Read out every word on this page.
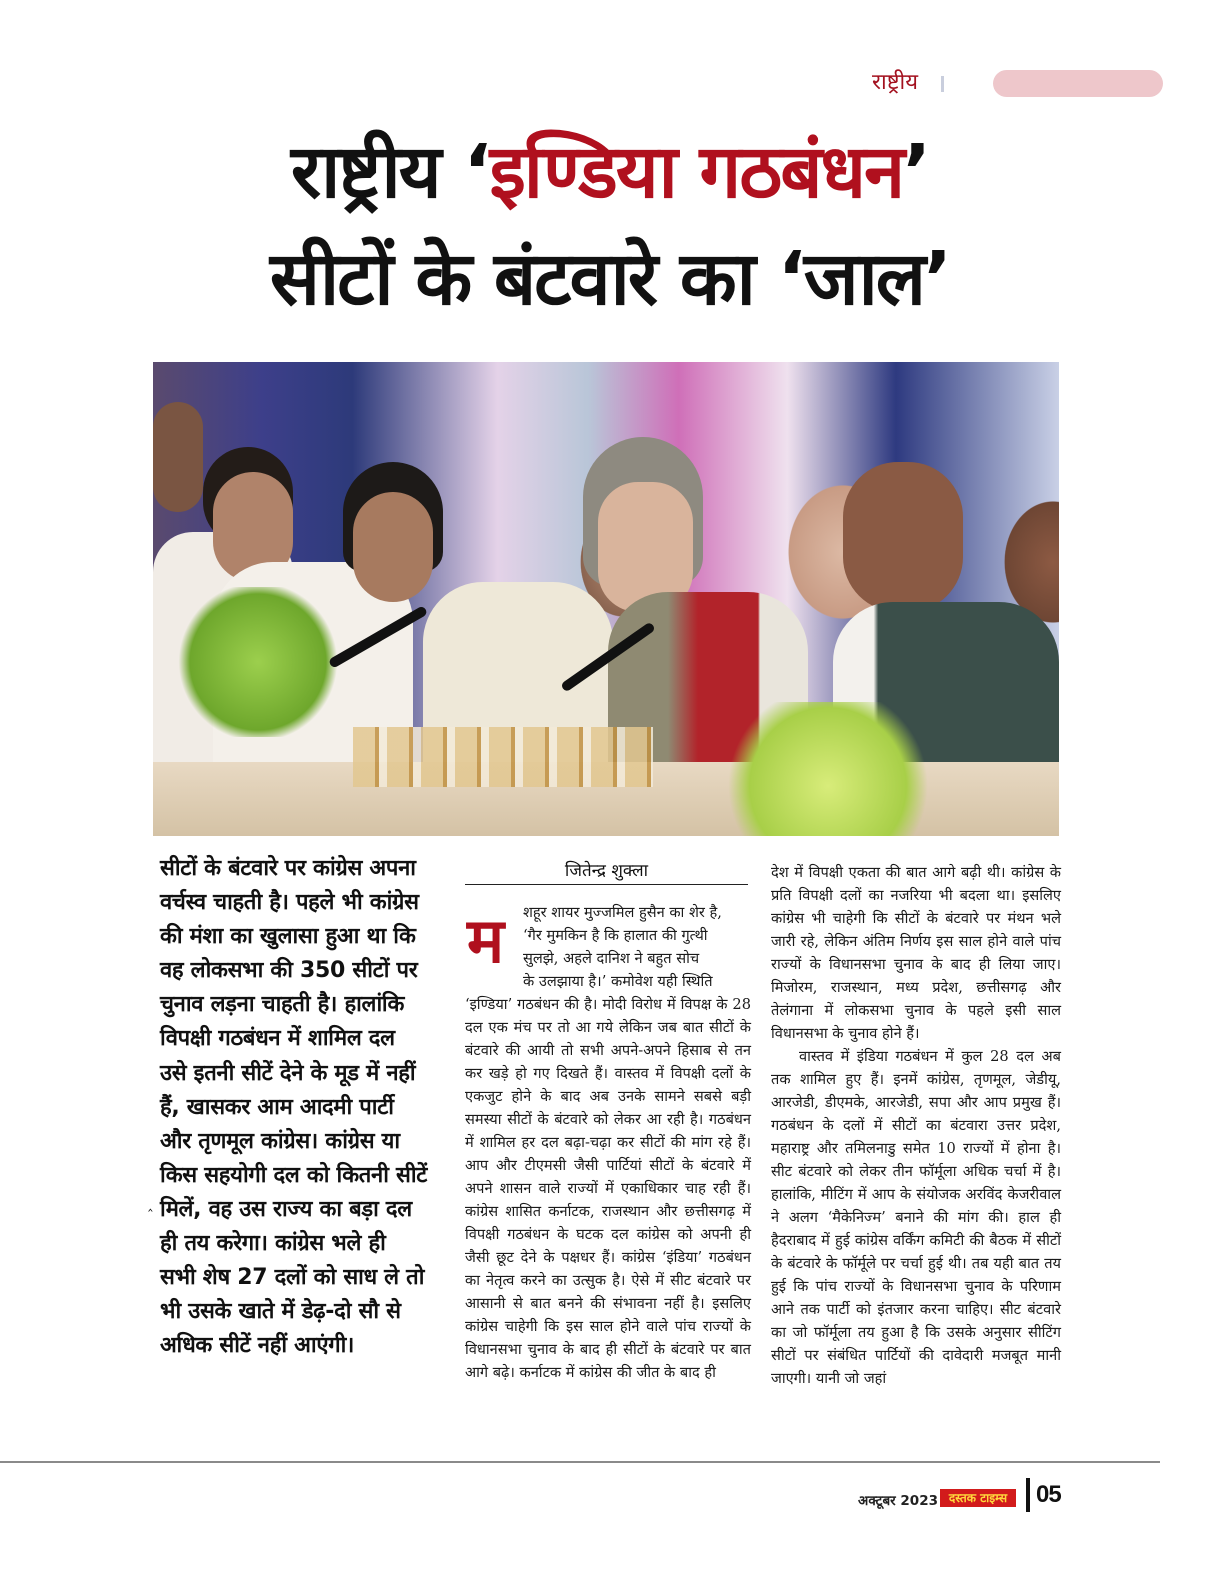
राष्ट्रीय
राष्ट्रीय ‘इण्डिया गठबंधन’
सीटों के बंटवारे का ‘जाल’
सीटों के बंटवारे पर कांग्रेस अपना वर्चस्व चाहती है। पहले भी कांग्रेस की मंशा का खुलासा हुआ था कि वह लोकसभा की 350 सीटों पर चुनाव लड़ना चाहती है। हालांकि विपक्षी गठबंधन में शामिल दल उसे इतनी सीटें देने के मूड में नहीं हैं, खासकर आम आदमी पार्टी और तृणमूल कांग्रेस। कांग्रेस या किस सहयोगी दल को कितनी सीटें मिलें, वह उस राज्य का बड़ा दल ही तय करेगा। कांग्रेस भले ही सभी शेष 27 दलों को साध ले तो भी उसके खाते में डेढ़-दो सौ से अधिक सीटें नहीं आएंगी।
‸
जितेन्द्र शुक्ला
म	शहूर शायर मुज्जमिल हुसैन का शेर है,
‘गैर मुमकिन है कि हालात की गुत्थी
सुलझे, अहले दानिश ने बहुत सोच
के उलझाया है।’ कमोवेश यही स्थिति
‘इण्डिया’ गठबंधन की है। मोदी विरोध में विपक्ष के 28 दल एक मंच पर तो आ गये लेकिन जब बात सीटों के बंटवारे की आयी तो सभी अपने-अपने हिसाब से तन कर खड़े हो गए दिखते हैं। वास्तव में विपक्षी दलों के एकजुट होने के बाद अब उनके सामने सबसे बड़ी समस्या सीटों के बंटवारे को लेकर आ रही है। गठबंधन में शामिल हर दल बढ़ा-चढ़ा कर सीटों की मांग रहे हैं। आप और टीएमसी जैसी पार्टियां सीटों के बंटवारे में अपने शासन वाले राज्यों में एकाधिकार चाह रही हैं। कांग्रेस शासित कर्नाटक, राजस्थान और छत्तीसगढ़ में विपक्षी गठबंधन के घटक दल कांग्रेस को अपनी ही जैसी छूट देने के पक्षधर हैं। कांग्रेस ‘इंडिया’ गठबंधन का नेतृत्व करने का उत्सुक है। ऐसे में सीट बंटवारे पर आसानी से बात बनने की संभावना नहीं है। इसलिए कांग्रेस चाहेगी कि इस साल होने वाले पांच राज्यों के विधानसभा चुनाव के बाद ही सीटों के बंटवारे पर बात आगे बढ़े। कर्नाटक में कांग्रेस की जीत के बाद ही

देश में विपक्षी एकता की बात आगे बढ़ी थी। कांग्रेस के प्रति विपक्षी दलों का नजरिया भी बदला था। इसलिए कांग्रेस भी चाहेगी कि सीटों के बंटवारे पर मंथन भले जारी रहे, लेकिन अंतिम निर्णय इस साल होने वाले पांच राज्यों के विधानसभा चुनाव के बाद ही लिया जाए। मिजोरम, राजस्थान, मध्य प्रदेश, छत्तीसगढ़ और तेलंगाना में लोकसभा चुनाव के पहले इसी साल विधानसभा के चुनाव होने हैं।

वास्तव में इंडिया गठबंधन में कुल 28 दल अब तक शामिल हुए हैं। इनमें कांग्रेस, तृणमूल, जेडीयू, आरजेडी, डीएमके, आरजेडी, सपा और आप प्रमुख हैं। गठबंधन के दलों में सीटों का बंटवारा उत्तर प्रदेश, महाराष्ट्र और तमिलनाडु समेत 10 राज्यों में होना है। सीट बंटवारे को लेकर तीन फॉर्मूला अधिक चर्चा में है। हालांकि, मीटिंग में आप के संयोजक अरविंद केजरीवाल ने अलग ‘मैकेनिज्म’ बनाने की मांग की। हाल ही हैदराबाद में हुई कांग्रेस वर्किंग कमिटी की बैठक में सीटों के बंटवारे के फॉर्मूले पर चर्चा हुई थी। तब यही बात तय हुई कि पांच राज्यों के विधानसभा चुनाव के परिणाम आने तक पार्टी को इंतजार करना चाहिए। सीट बंटवारे का जो फॉर्मूला तय हुआ है कि उसके अनुसार सीटिंग सीटों पर संबंधित पार्टियों की दावेदारी मजबूत मानी जाएगी। यानी जो जहां

अक्टूबर 2023 दस्तक टाइम्स	05
